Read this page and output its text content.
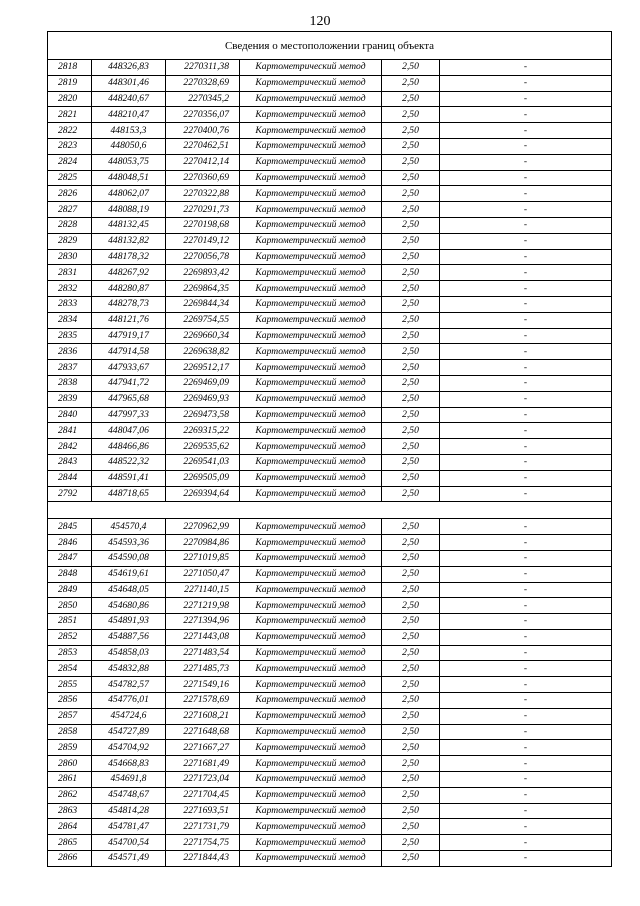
120
Сведения о местоположении границ объекта					
2818	448326,83	2270311,38	Картометрический метод	2,50	-
2819	448301,46	2270328,69	Картометрический метод	2,50	-
2820	448240,67	2270345,2	Картометрический метод	2,50	-
2821	448210,47	2270356,07	Картометрический метод	2,50	-
2822	448153,3	2270400,76	Картометрический метод	2,50	-
2823	448050,6	2270462,51	Картометрический метод	2,50	-
2824	448053,75	2270412,14	Картометрический метод	2,50	-
2825	448048,51	2270360,69	Картометрический метод	2,50	-
2826	448062,07	2270322,88	Картометрический метод	2,50	-
2827	448088,19	2270291,73	Картометрический метод	2,50	-
2828	448132,45	2270198,68	Картометрический метод	2,50	-
2829	448132,82	2270149,12	Картометрический метод	2,50	-
2830	448178,32	2270056,78	Картометрический метод	2,50	-
2831	448267,92	2269893,42	Картометрический метод	2,50	-
2832	448280,87	2269864,35	Картометрический метод	2,50	-
2833	448278,73	2269844,34	Картометрический метод	2,50	-
2834	448121,76	2269754,55	Картометрический метод	2,50	-
2835	447919,17	2269660,34	Картометрический метод	2,50	-
2836	447914,58	2269638,82	Картометрический метод	2,50	-
2837	447933,67	2269512,17	Картометрический метод	2,50	-
2838	447941,72	2269469,09	Картометрический метод	2,50	-
2839	447965,68	2269469,93	Картометрический метод	2,50	-
2840	447997,33	2269473,58	Картометрический метод	2,50	-
2841	448047,06	2269315,22	Картометрический метод	2,50	-
2842	448466,86	2269535,62	Картометрический метод	2,50	-
2843	448522,32	2269541,03	Картометрический метод	2,50	-
2844	448591,41	2269505,09	Картометрический метод	2,50	-
2792	448718,65	2269394,64	Картометрический метод	2,50	-

2845	454570,4	2270962,99	Картометрический метод	2,50	-
2846	454593,36	2270984,86	Картометрический метод	2,50	-
2847	454590,08	2271019,85	Картометрический метод	2,50	-
2848	454619,61	2271050,47	Картометрический метод	2,50	-
2849	454648,05	2271140,15	Картометрический метод	2,50	-
2850	454680,86	2271219,98	Картометрический метод	2,50	-
2851	454891,93	2271394,96	Картометрический метод	2,50	-
2852	454887,56	2271443,08	Картометрический метод	2,50	-
2853	454858,03	2271483,54	Картометрический метод	2,50	-
2854	454832,88	2271485,73	Картометрический метод	2,50	-
2855	454782,57	2271549,16	Картометрический метод	2,50	-
2856	454776,01	2271578,69	Картометрический метод	2,50	-
2857	454724,6	2271608,21	Картометрический метод	2,50	-
2858	454727,89	2271648,68	Картометрический метод	2,50	-
2859	454704,92	2271667,27	Картометрический метод	2,50	-
2860	454668,83	2271681,49	Картометрический метод	2,50	-
2861	454691,8	2271723,04	Картометрический метод	2,50	-
2862	454748,67	2271704,45	Картометрический метод	2,50	-
2863	454814,28	2271693,51	Картометрический метод	2,50	-
2864	454781,47	2271731,79	Картометрический метод	2,50	-
2865	454700,54	2271754,75	Картометрический метод	2,50	-
2866	454571,49	2271844,43	Картометрический метод	2,50	-
